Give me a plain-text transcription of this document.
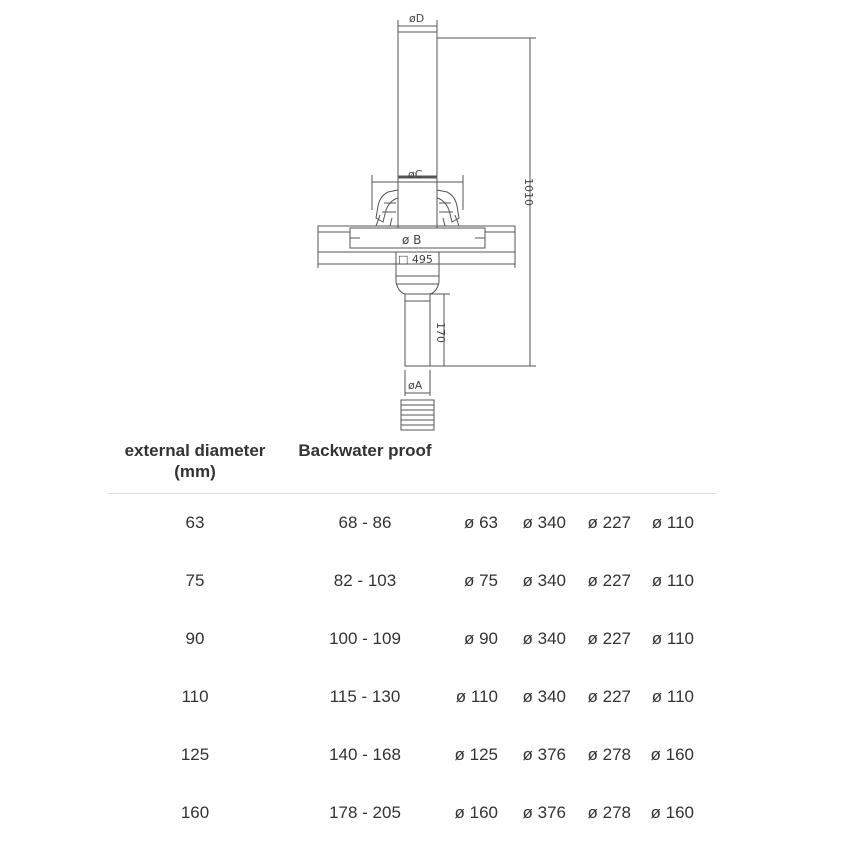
øD
øC
ø B
□ 495
1010
170
øA
external diameter (mm)
Backwater proof
63	68 - 86	ø 63 ø 340 ø 227 ø 110
75	82 - 103	ø 75 ø 340 ø 227 ø 110
90	100 - 109	ø 90 ø 340 ø 227 ø 110
110	115 - 130	ø 110 ø 340 ø 227 ø 110
125	140 - 168	ø 125 ø 376 ø 278 ø 160
160	178 - 205	ø 160 ø 376 ø 278 ø 160
